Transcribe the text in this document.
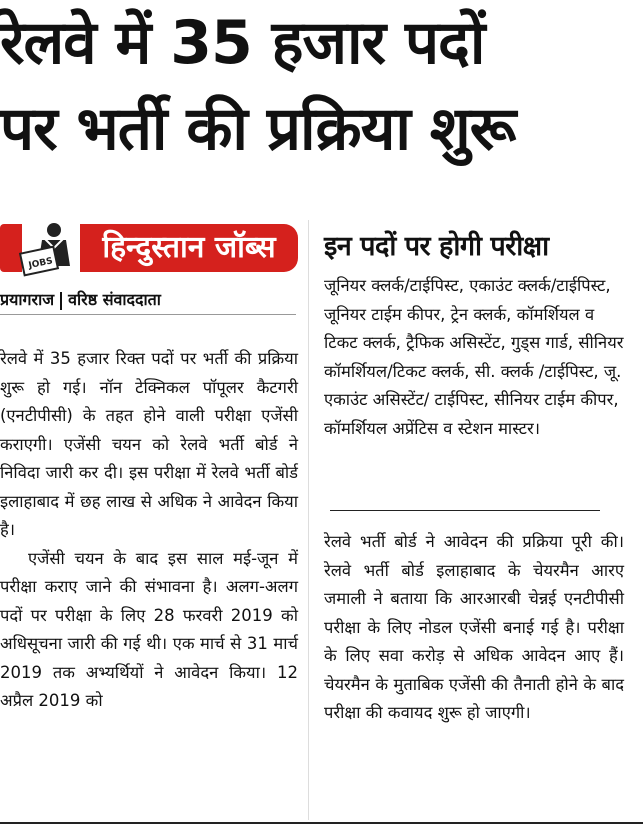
रेलवे में 35 हजार पदों
पर भर्ती की प्रक्रिया शुरू
JOBS	हिन्दुस्तान जॉब्स
प्रयागराज वरिष्ठ संवाददाता

रेलवे में 35 हजार रिक्त पदों पर भर्ती की प्रक्रिया शुरू हो गई। नॉन टेक्निकल पॉपूलर कैटगरी (एनटीपीसी) के तहत होने वाली परीक्षा एजेंसी कराएगी। एजेंसी चयन को रेलवे भर्ती बोर्ड ने निविदा जारी कर दी। इस परीक्षा में रेलवे भर्ती बोर्ड इलाहाबाद में छह लाख से अधिक ने आवेदन किया है।

एजेंसी चयन के बाद इस साल मई-जून में परीक्षा कराए जाने की संभावना है। अलग-अलग पदों पर परीक्षा के लिए 28 फरवरी 2019 को अधिसूचना जारी की गई थी। एक मार्च से 31 मार्च 2019 तक अभ्यर्थियों ने आवेदन किया। 12 अप्रैल 2019 को

इन पदों पर होगी परीक्षा
जूनियर क्लर्क/टाईपिस्ट, एकाउंट क्लर्क/टाईपिस्ट, जूनियर टाईम कीपर, ट्रेन क्लर्क, कॉमर्शियल व टिकट क्लर्क, ट्रैफिक असिस्टेंट, गुड्स गार्ड, सीनियर कॉमर्शियल/टिकट क्लर्क, सी. क्लर्क /टाईपिस्ट, जू. एकाउंट असिस्टेंट/ टाईपिस्ट, सीनियर टाईम कीपर, कॉमर्शियल अप्रेंटिस व स्टेशन मास्टर।
रेलवे भर्ती बोर्ड ने आवेदन की प्रक्रिया पूरी की। रेलवे भर्ती बोर्ड इलाहाबाद के चेयरमैन आरए जमाली ने बताया कि आरआरबी चेन्नई एनटीपीसी परीक्षा के लिए नोडल एजेंसी बनाई गई है। परीक्षा के लिए सवा करोड़ से अधिक आवेदन आए हैं। चेयरमैन के मुताबिक एजेंसी की तैनाती होने के बाद परीक्षा की कवायद शुरू हो जाएगी।
